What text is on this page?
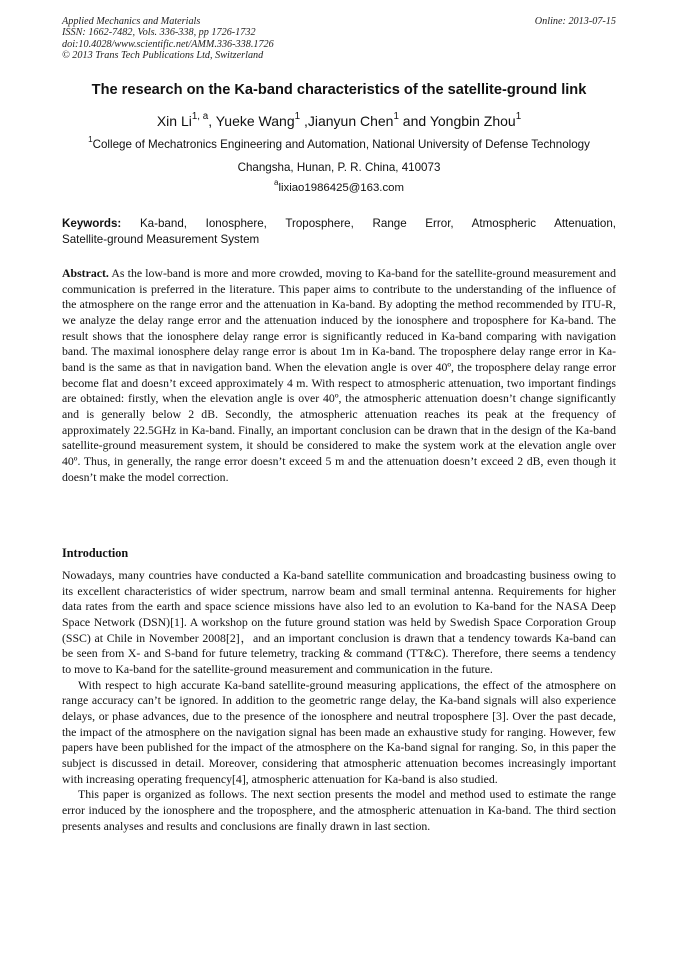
Applied Mechanics and Materials
ISSN: 1662-7482, Vols. 336-338, pp 1726-1732
doi:10.4028/www.scientific.net/AMM.336-338.1726
© 2013 Trans Tech Publications Ltd, Switzerland
Online: 2013-07-15
The research on the Ka-band characteristics of the satellite-ground link
Xin Li$^{1, a}$, Yueke Wang$^1$ ,Jianyun Chen$^1$ and Yongbin Zhou$^1$
$^1$College of Mechatronics Engineering and Automation, National University of Defense Technology
Changsha, Hunan, P. R. China, 410073
$^a$lixiao1986425@163.com
Keywords: Ka-band, Ionosphere, Troposphere, Range Error, Atmospheric Attenuation,
Satellite-ground Measurement System
Abstract. As the low-band is more and more crowded, moving to Ka-band for the satellite-ground measurement and communication is preferred in the literature. This paper aims to contribute to the understanding of the influence of the atmosphere on the range error and the attenuation in Ka-band. By adopting the method recommended by ITU-R, we analyze the delay range error and the attenuation induced by the ionosphere and troposphere for Ka-band. The result shows that the ionosphere delay range error is significantly reduced in Ka-band comparing with navigation band. The maximal ionosphere delay range error is about 1m in Ka-band. The troposphere delay range error in Ka-band is the same as that in navigation band. When the elevation angle is over 40º, the troposphere delay range error become flat and doesn’t exceed approximately 4 m. With respect to atmospheric attenuation, two important findings are obtained: firstly, when the elevation angle is over 40º, the atmospheric attenuation doesn’t change significantly and is generally below 2 dB. Secondly, the atmospheric attenuation reaches its peak at the frequency of approximately 22.5GHz in Ka-band. Finally, an important conclusion can be drawn that in the design of the Ka-band satellite-ground measurement system, it should be considered to make the system work at the elevation angle over 40º. Thus, in generally, the range error doesn’t exceed 5 m and the attenuation doesn’t exceed 2 dB, even though it doesn’t make the model correction.
Introduction

Nowadays, many countries have conducted a Ka-band satellite communication and broadcasting business owing to its excellent characteristics of wider spectrum, narrow beam and small terminal antenna. Requirements for higher data rates from the earth and space science missions have also led to an evolution to Ka-band for the NASA Deep Space Network (DSN)[1]. A workshop on the future ground station was held by Swedish Space Corporation Group (SSC) at Chile in November 2008[2]，and an important conclusion is drawn that a tendency towards Ka-band can be seen from X- and S-band for future telemetry, tracking & command (TT&C). Therefore, there seems a tendency to move to Ka-band for the satellite-ground measurement and communication in the future.

With respect to high accurate Ka-band satellite-ground measuring applications, the effect of the atmosphere on range accuracy can’t be ignored. In addition to the geometric range delay, the Ka-band signals will also experience delays, or phase advances, due to the presence of the ionosphere and neutral troposphere [3]. Over the past decade, the impact of the atmosphere on the navigation signal has been made an exhaustive study for ranging. However, few papers have been published for the impact of the atmosphere on the Ka-band signal for ranging. So, in this paper the subject is discussed in detail. Moreover, considering that atmospheric attenuation becomes increasingly important with increasing operating frequency[4], atmospheric attenuation for Ka-band is also studied.

This paper is organized as follows. The next section presents the model and method used to estimate the range error induced by the ionosphere and the troposphere, and the atmospheric attenuation in Ka-band. The third section presents analyses and results and conclusions are finally drawn in last section.
